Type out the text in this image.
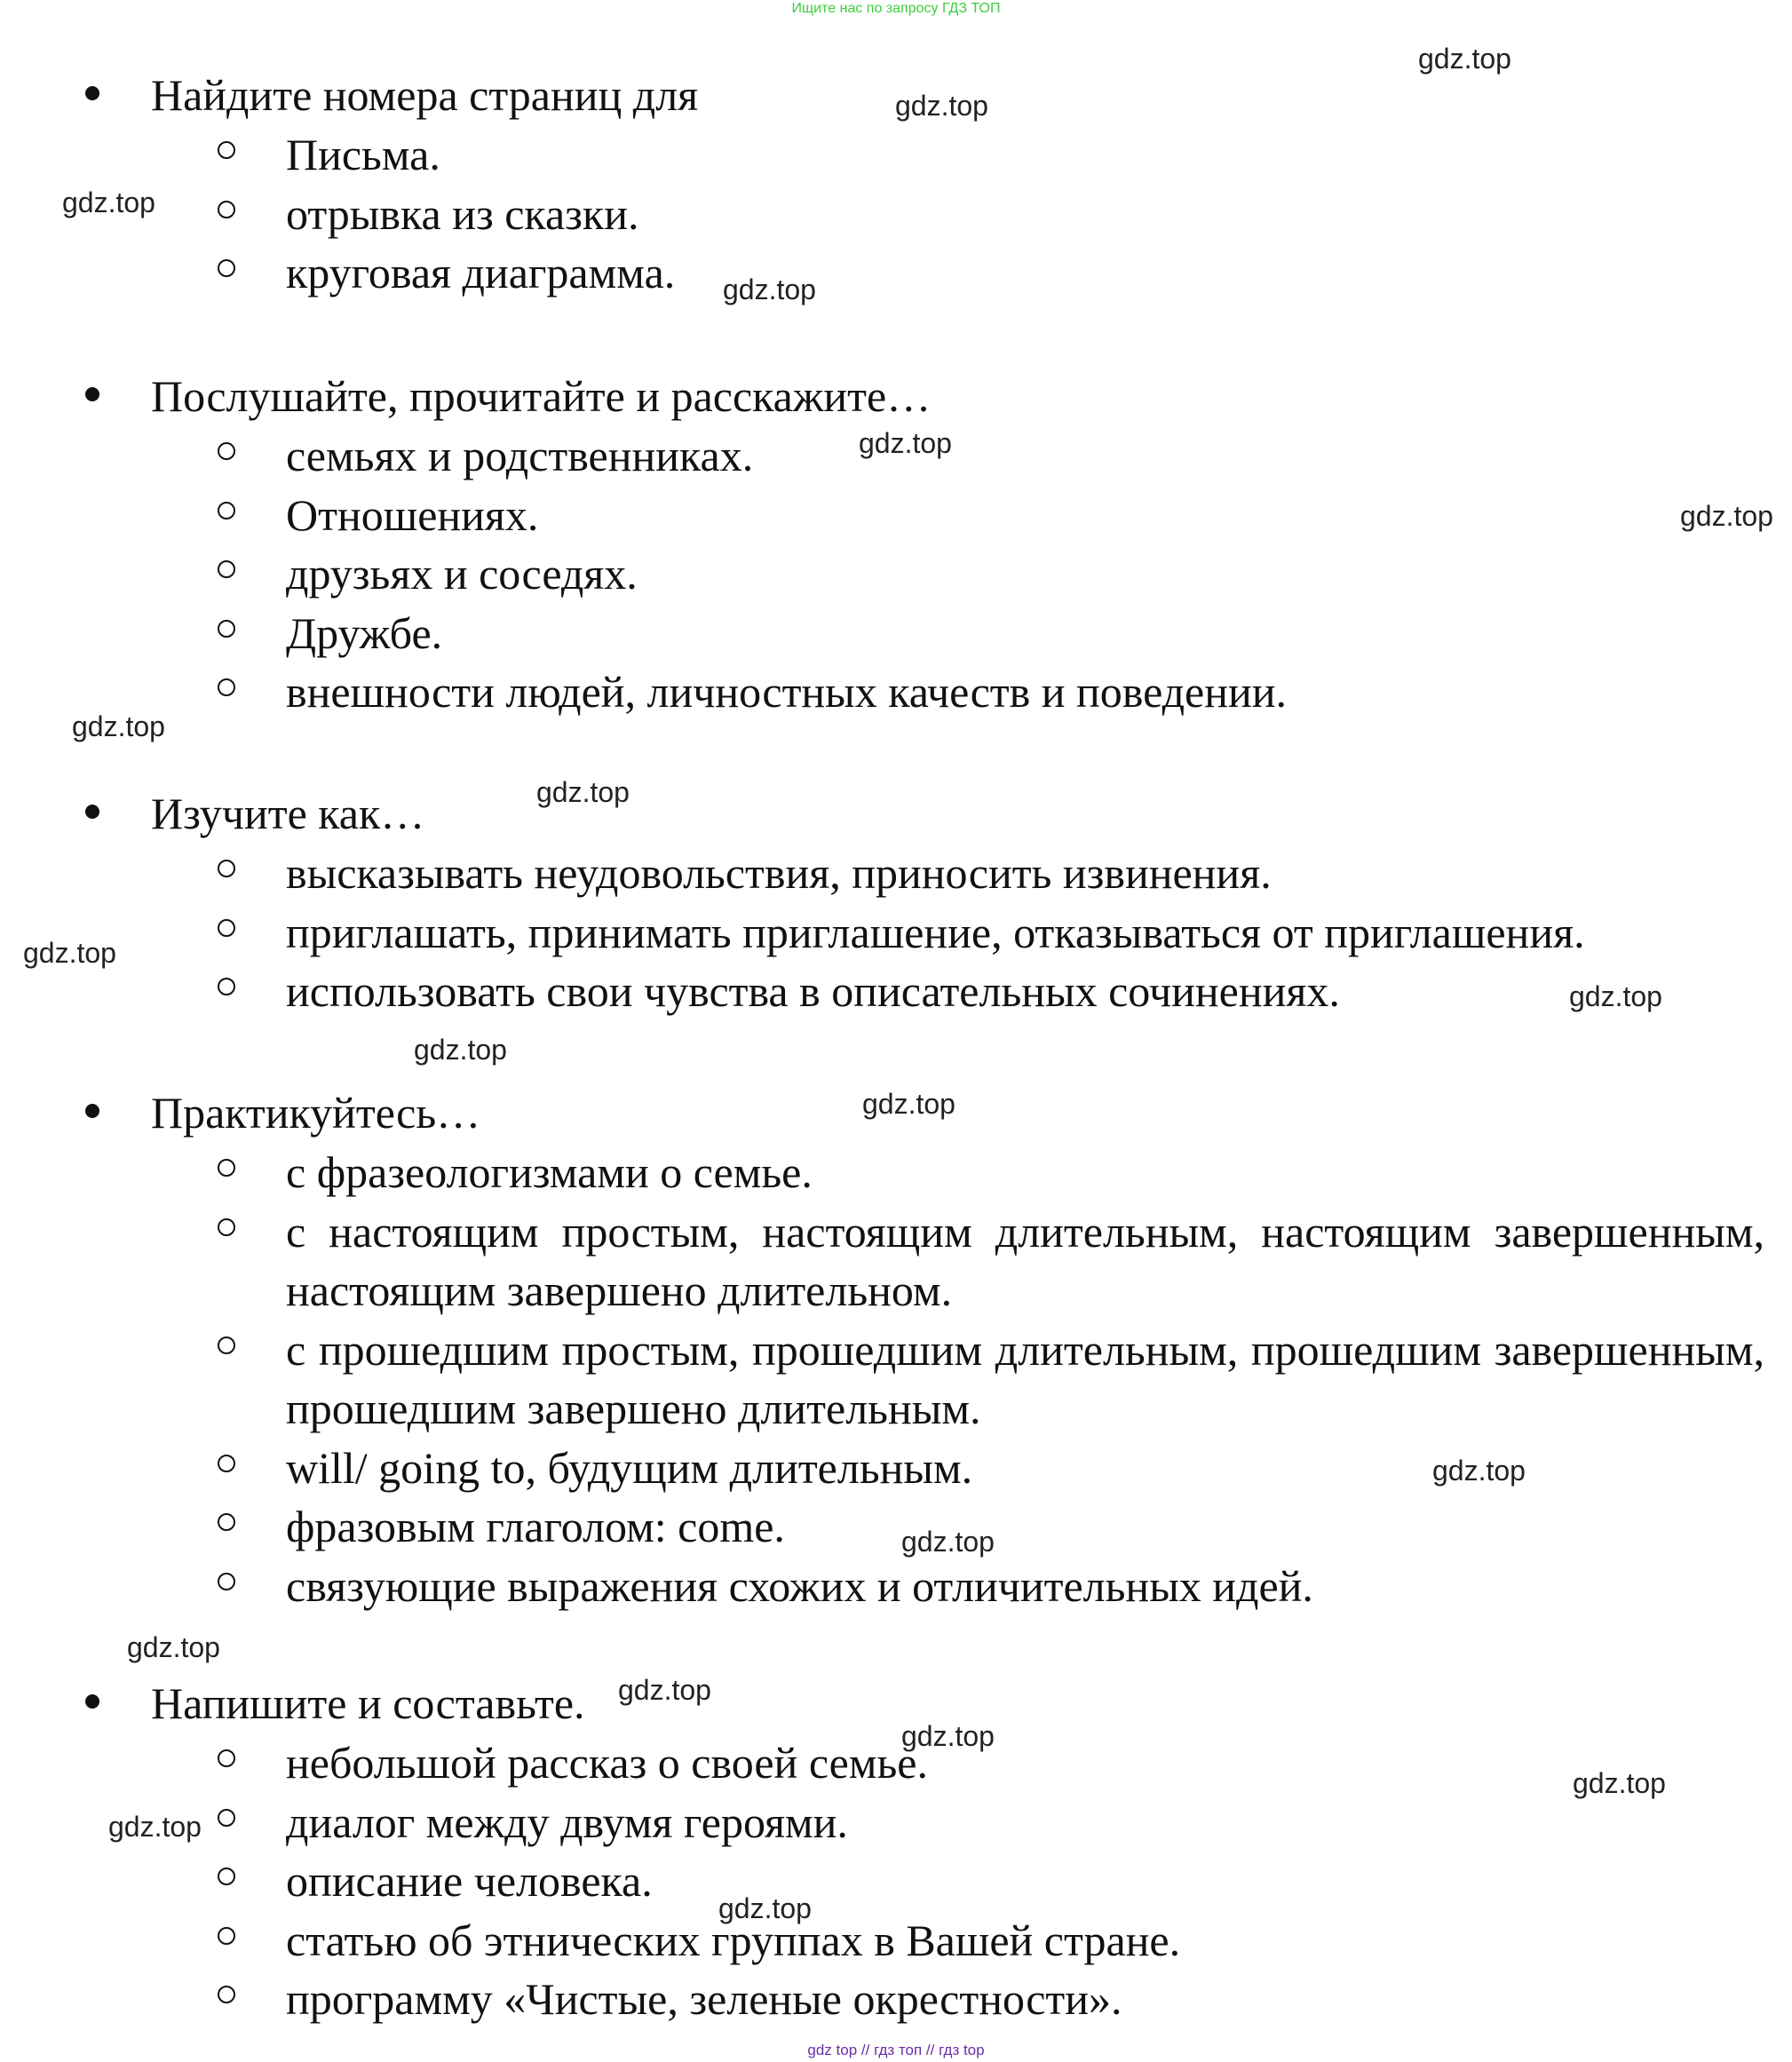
Ищите нас по запросу ГДЗ ТОП
Найдите номера страниц для
Письма.
отрывка из сказки.
круговая диаграмма.
Послушайте, прочитайте и расскажите…
семьях и родственниках.
Отношениях.
друзьях и соседях.
Дружбе.
внешности людей, личностных качеств и поведении.
Изучите как…
высказывать неудовольствия, приносить извинения.
приглашать, принимать приглашение, отказываться от приглашения.
использовать свои чувства в описательных сочинениях.
Практикуйтесь…
с фразеологизмами о семье.
с настоящим простым, настоящим длительным, настоящим завершенным, настоящим завершено длительном.
с прошедшим простым, прошедшим длительным, прошедшим завершенным, прошедшим завершено длительным.
will/ going to, будущим длительным.
фразовым глаголом: come.
связующие выражения схожих и отличительных идей.
Напишите и составьте.
небольшой рассказ о своей семье.
диалог между двумя героями.
описание человека.
статью об этнических группах в Вашей стране.
программу «Чистые, зеленые окрестности».
gdz.top
gdz.top
gdz.top
gdz.top
gdz.top
gdz.top
gdz.top
gdz.top
gdz.top
gdz.top
gdz.top
gdz.top
gdz.top
gdz.top
gdz.top
gdz.top
gdz.top
gdz.top
gdz.top
gdz.top
gdz top // гдз топ // гдз top
